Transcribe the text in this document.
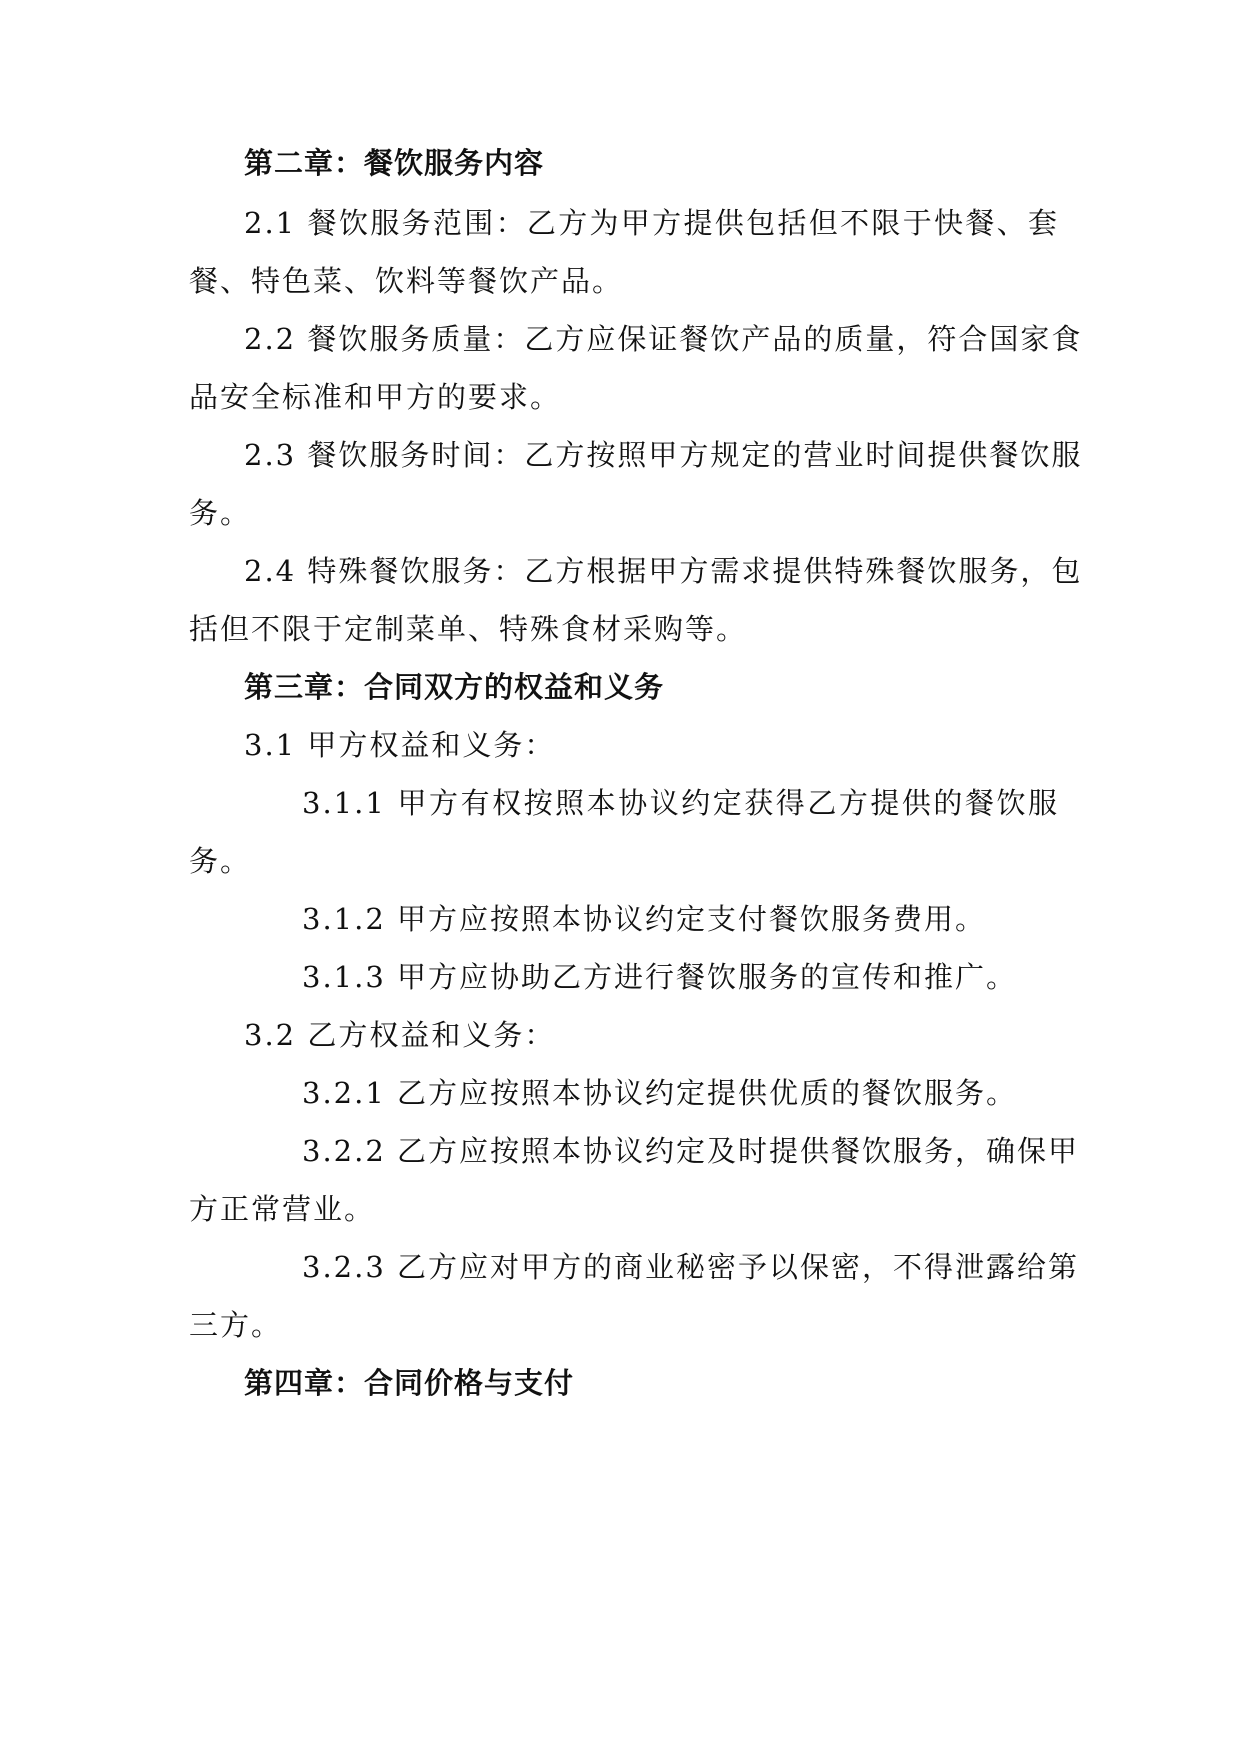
第二章：餐饮服务内容
2.1 餐饮服务范围：乙方为甲方提供包括但不限于快餐、套
餐、特色菜、饮料等餐饮产品。
2.2 餐饮服务质量：乙方应保证餐饮产品的质量，符合国家食
品安全标准和甲方的要求。
2.3 餐饮服务时间：乙方按照甲方规定的营业时间提供餐饮服
务。
2.4 特殊餐饮服务：乙方根据甲方需求提供特殊餐饮服务，包
括但不限于定制菜单、特殊食材采购等。
第三章：合同双方的权益和义务
3.1 甲方权益和义务：
3.1.1 甲方有权按照本协议约定获得乙方提供的餐饮服
务。
3.1.2 甲方应按照本协议约定支付餐饮服务费用。
3.1.3 甲方应协助乙方进行餐饮服务的宣传和推广。
3.2 乙方权益和义务：
3.2.1 乙方应按照本协议约定提供优质的餐饮服务。
3.2.2 乙方应按照本协议约定及时提供餐饮服务，确保甲
方正常营业。
3.2.3 乙方应对甲方的商业秘密予以保密，不得泄露给第
三方。
第四章：合同价格与支付
